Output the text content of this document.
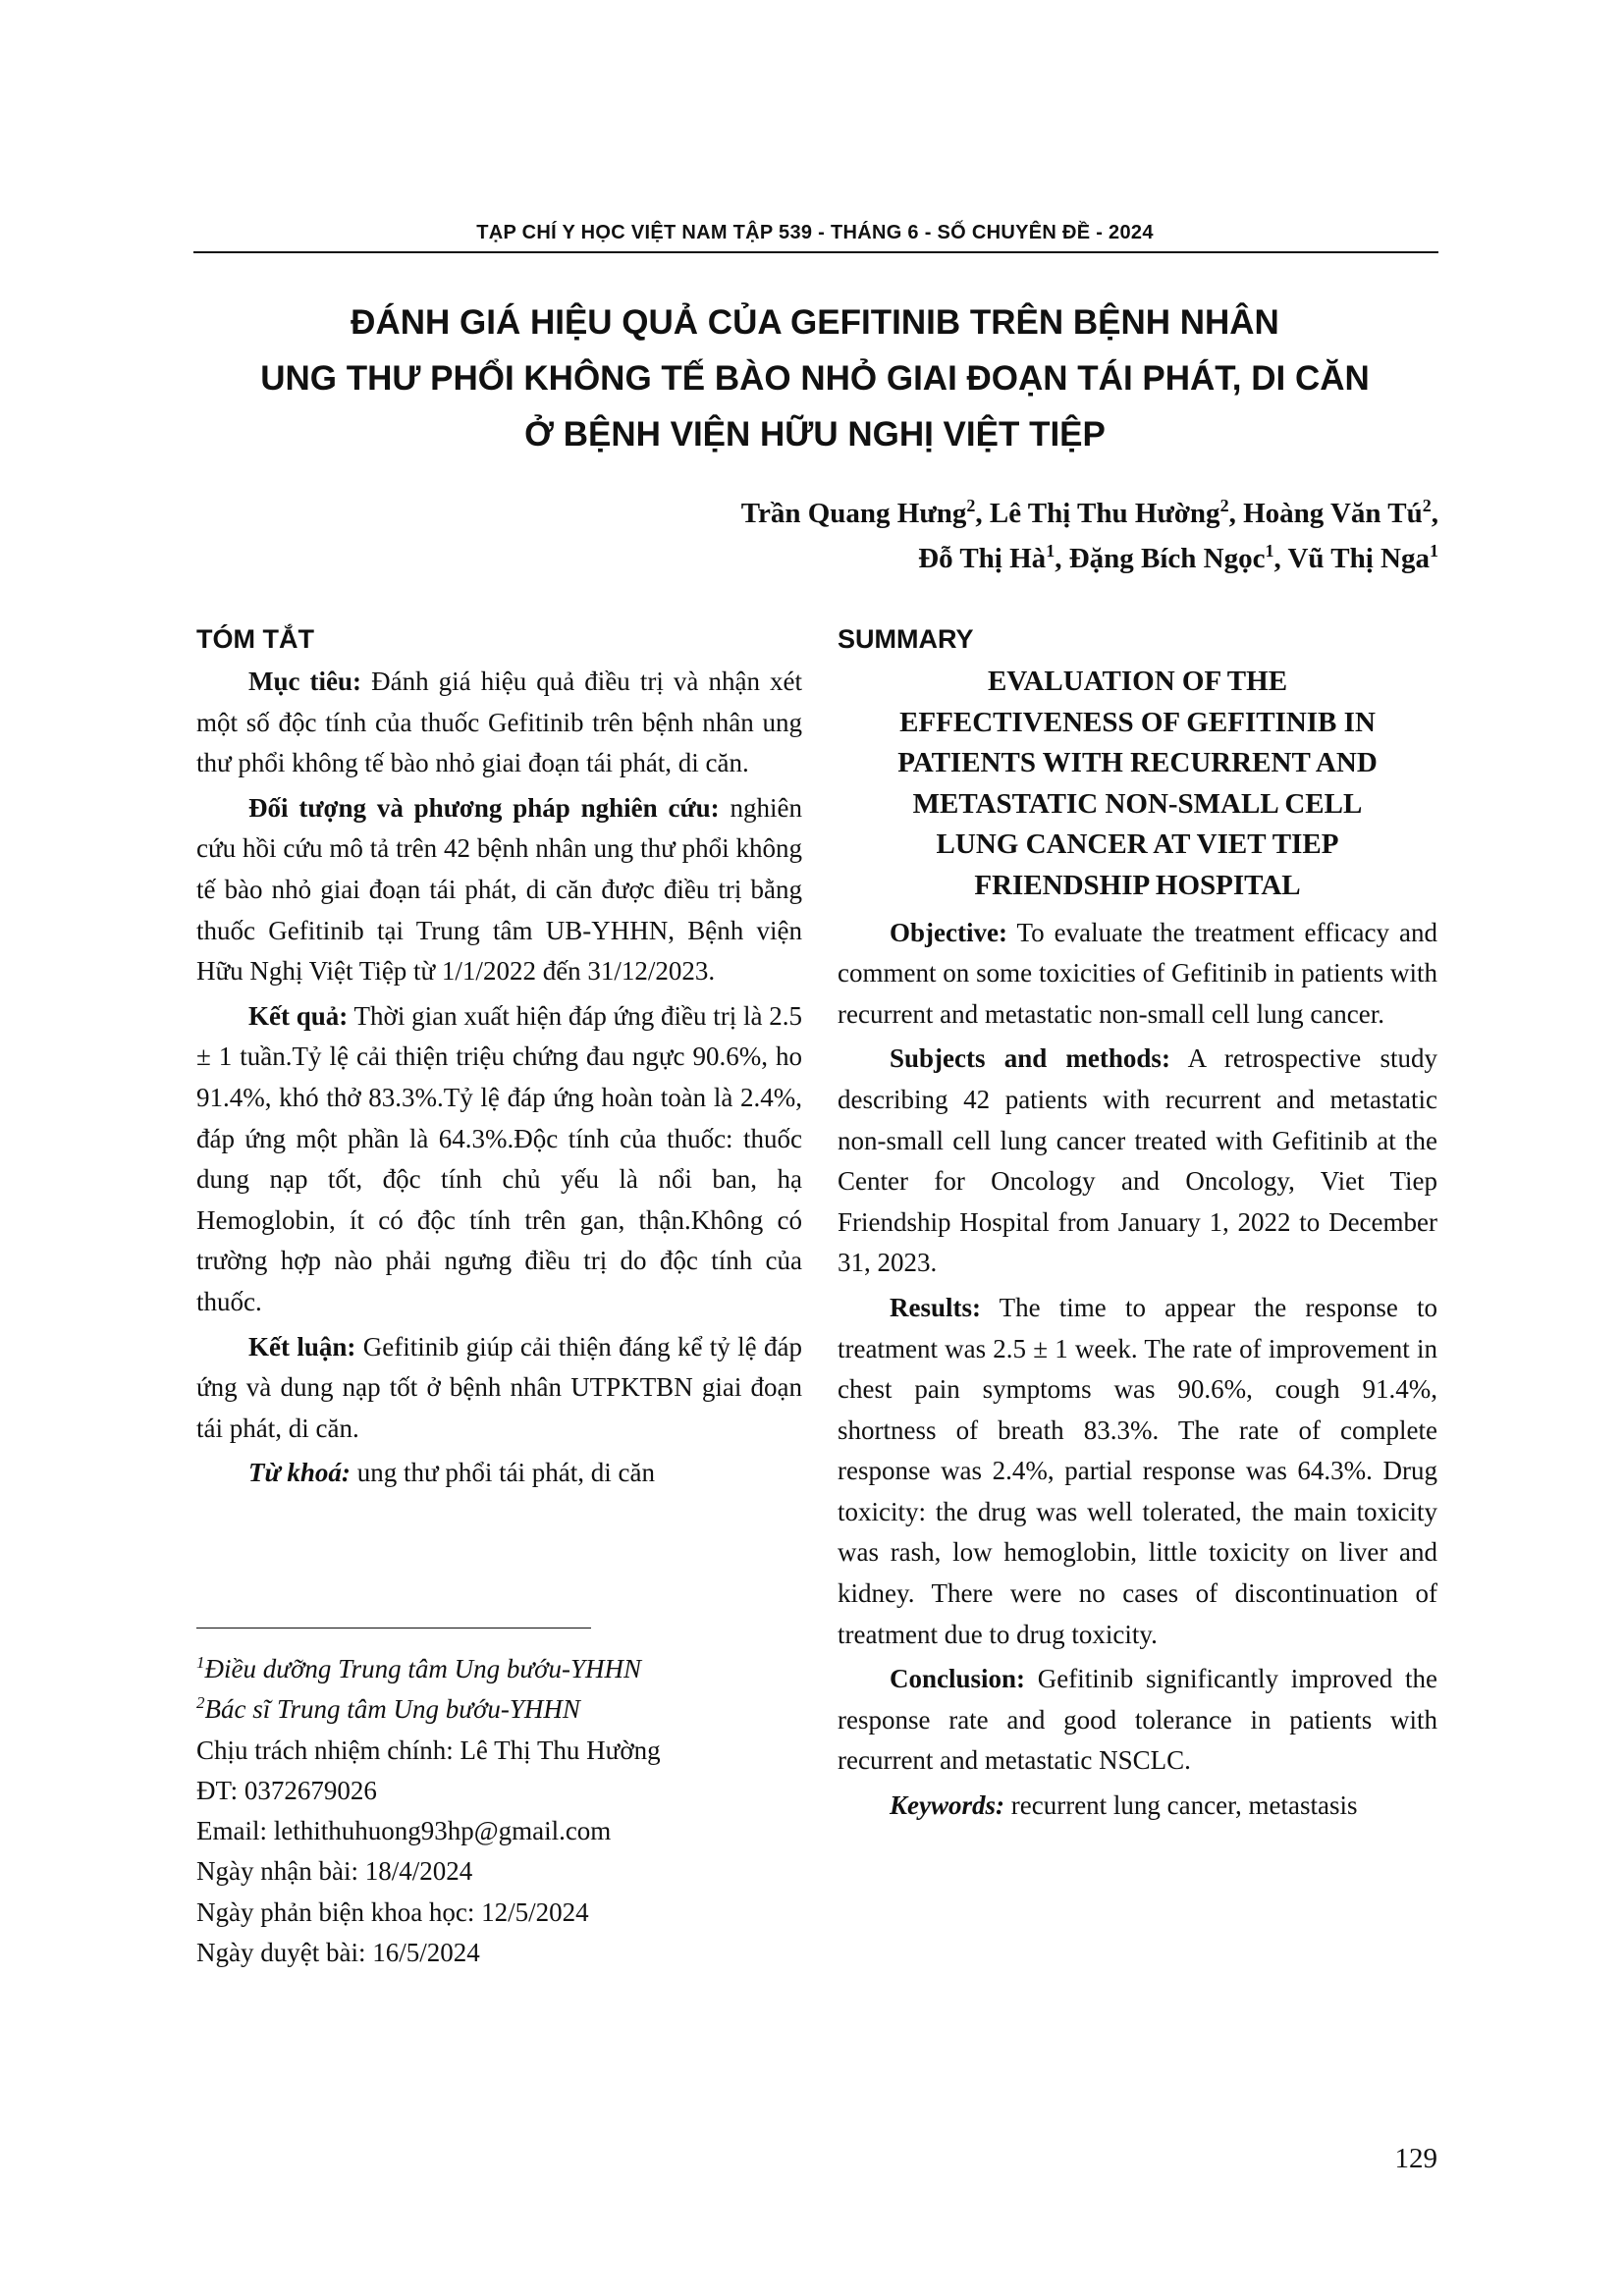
TẠP CHÍ Y HỌC VIỆT NAM TẬP 539 - THÁNG 6 - SỐ CHUYÊN ĐỀ - 2024
ĐÁNH GIÁ HIỆU QUẢ CỦA GEFITINIB TRÊN BỆNH NHÂN
UNG THƯ PHỔI KHÔNG TẾ BÀO NHỎ GIAI ĐOẠN TÁI PHÁT, DI CĂN
Ở BỆNH VIỆN HỮU NGHỊ VIỆT TIỆP
Trần Quang Hưng$^2$, Lê Thị Thu Hường$^2$, Hoàng Văn $Tú^2$,
Đỗ Thị $Hà^1$, Đặng Bích Ngọc$^1$, Vũ Thị Nga$^1$
TÓM TẮT

Mục tiêu: Đánh giá hiệu quả điều trị và nhận xét một số độc tính của thuốc Gefitinib trên bệnh nhân ung thư phổi không tế bào nhỏ giai đoạn tái phát, di căn.

Đối tượng và phương pháp nghiên cứu: nghiên cứu hồi cứu mô tả trên 42 bệnh nhân ung thư phổi không tế bào nhỏ giai đoạn tái phát, di căn được điều trị bằng thuốc Gefitinib tại Trung tâm UB-YHHN, Bệnh viện Hữu Nghị Việt Tiệp từ 1/1/2022 đến 31/12/2023.

Kết quả: Thời gian xuất hiện đáp ứng điều trị là 2.5 ± 1 tuần.Tỷ lệ cải thiện triệu chứng đau ngực 90.6%, ho 91.4%, khó thở 83.3%.Tỷ lệ đáp ứng hoàn toàn là 2.4%, đáp ứng một phần là 64.3%.Độc tính của thuốc: thuốc dung nạp tốt, độc tính chủ yếu là nổi ban, hạ Hemoglobin, ít có độc tính trên gan, thận.Không có trường hợp nào phải ngưng điều trị do độc tính của thuốc.

Kết luận: Gefitinib giúp cải thiện đáng kể tỷ lệ đáp ứng và dung nạp tốt ở bệnh nhân UTPKTBN giai đoạn tái phát, di căn.

Từ khoá: ung thư phổi tái phát, di căn

SUMMARY
EVALUATION OF THE
EFFECTIVENESS OF GEFITINIB IN
PATIENTS WITH RECURRENT AND
METASTATIC NON-SMALL CELL
LUNG CANCER AT VIET TIEP
FRIENDSHIP HOSPITAL

Objective: To evaluate the treatment efficacy and comment on some toxicities of Gefitinib in patients with recurrent and metastatic non-small cell lung cancer.

Subjects and methods: A retrospective study describing 42 patients with recurrent and metastatic non-small cell lung cancer treated with Gefitinib at the Center for Oncology and Oncology, Viet Tiep Friendship Hospital from January 1, 2022 to December 31, 2023.

Results: The time to appear the response to treatment was 2.5 ± 1 week. The rate of improvement in chest pain symptoms was 90.6%, cough 91.4%, shortness of breath 83.3%. The rate of complete response was 2.4%, partial response was 64.3%. Drug toxicity: the drug was well tolerated, the main toxicity was rash, low hemoglobin, little toxicity on liver and kidney. There were no cases of discontinuation of treatment due to drug toxicity.

Conclusion: Gefitinib significantly improved the response rate and good tolerance in patients with recurrent and metastatic NSCLC.

Keywords: recurrent lung cancer, metastasis

$^1$Điều dưỡng Trung tâm Ung bướu-YHHN
$^2$Bác sĩ Trung tâm Ung bướu-YHHN
Chịu trách nhiệm chính: Lê Thị Thu Hường
ĐT: 0372679026
Email: lethithuhuong93hp@gmail.com
Ngày nhận bài: 18/4/2024
Ngày phản biện khoa học: 12/5/2024
Ngày duyệt bài: 16/5/2024
129
